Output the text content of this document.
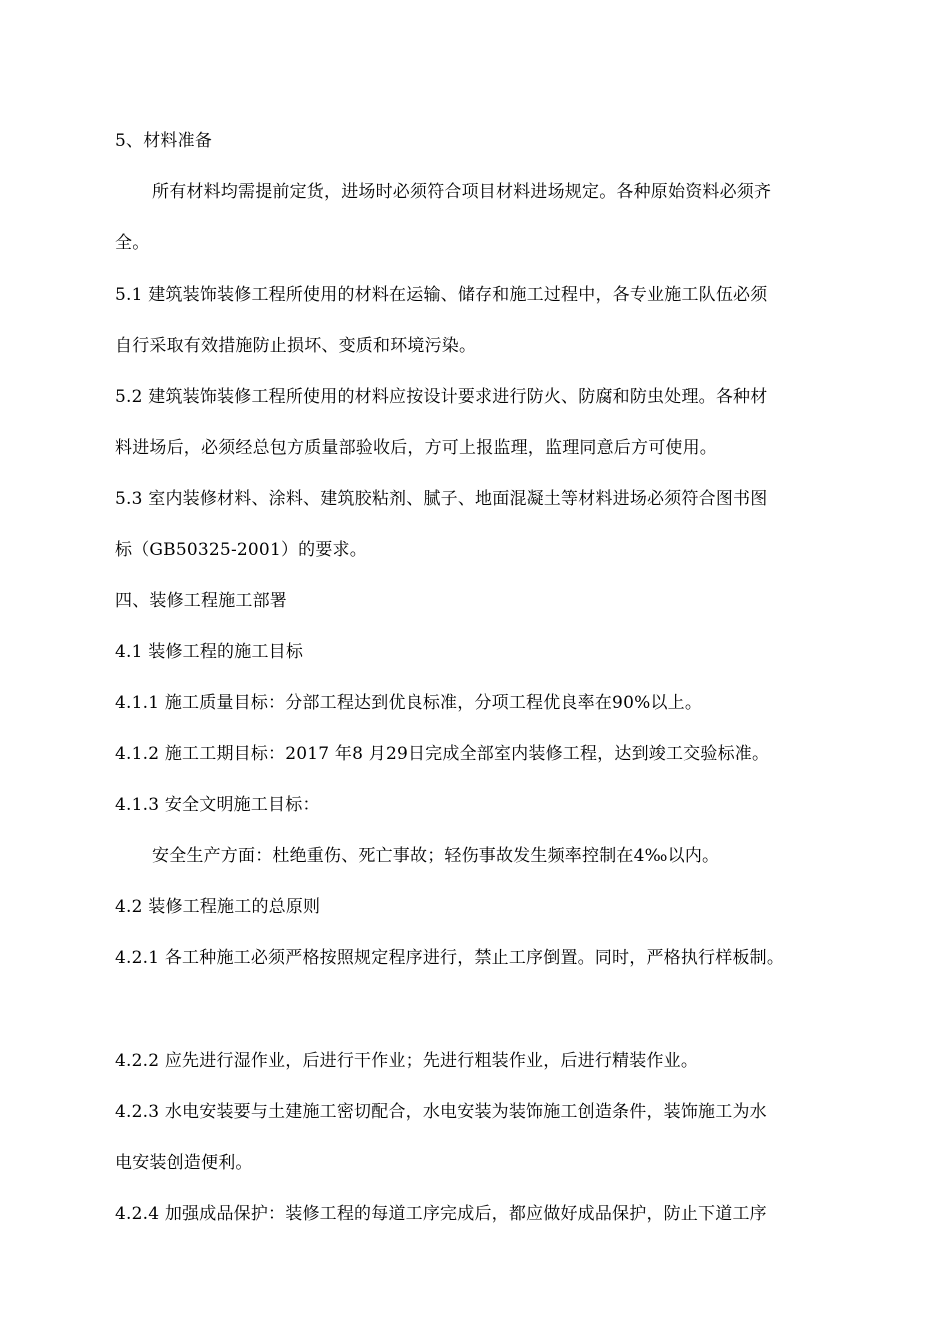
5、材料准备
所有材料均需提前定货，进场时必须符合项目材料进场规定。各种原始资料必须齐
全。
5.1 建筑装饰装修工程所使用的材料在运输、储存和施工过程中，各专业施工队伍必须
自行采取有效措施防止损坏、变质和环境污染。
5.2 建筑装饰装修工程所使用的材料应按设计要求进行防火、防腐和防虫处理。各种材
料进场后，必须经总包方质量部验收后，方可上报监理，监理同意后方可使用。
5.3 室内装修材料、涂料、建筑胶粘剂、腻子、地面混凝土等材料进场必须符合图书图
标（GB50325-2001）的要求。
四、装修工程施工部署
4.1 装修工程的施工目标
4.1.1 施工质量目标：分部工程达到优良标准，分项工程优良率在90%以上。
4.1.2 施工工期目标：2017 年8 月29日完成全部室内装修工程，达到竣工交验标准。
4.1.3 安全文明施工目标：
安全生产方面：杜绝重伤、死亡事故；轻伤事故发生频率控制在4‰以内。
4.2 装修工程施工的总原则
4.2.1 各工种施工必须严格按照规定程序进行，禁止工序倒置。同时，严格执行样板制。
4.2.2 应先进行湿作业，后进行干作业；先进行粗装作业，后进行精装作业。
4.2.3 水电安装要与土建施工密切配合，水电安装为装饰施工创造条件，装饰施工为水
电安装创造便利。
4.2.4 加强成品保护：装修工程的每道工序完成后，都应做好成品保护，防止下道工序
